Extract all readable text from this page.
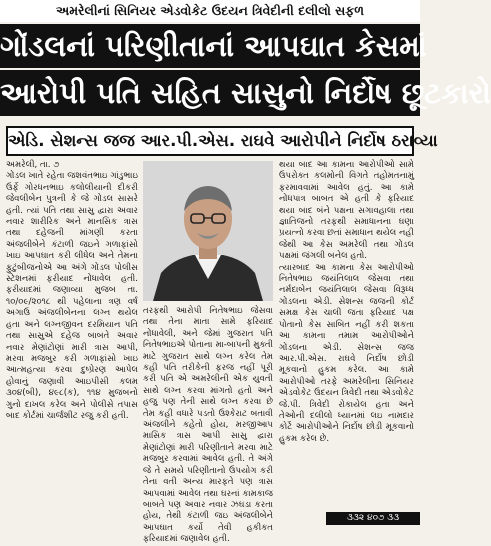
અમરેલીનાં સિનિયર એડવોકેટ ઉદયન ત્રિવેદીની દલીલો સફળ
ગોંડલનાં પરિણીતાનાં આપઘાત કેસમાં
આરોપી પતિ સહિત સાસુનો નિર્દોષ છૂટકારો
એડિ. સેશન્સ જજ આર.પી.એસ. રાઘવે આરોપીને નિર્દોષ ઠરાવ્યા

અમરેલી, તા. ૭
ગોંડલ ખાતે રહેતા જશવંતભાઇ ગાંડુભાઇ ઉર્ફે ગોરધનભાઇ કલોલીયાની દીકરી જેવલીબેન પુત્રની કે જે ગોંડલ સાસરે હતી. ત્યાં પતિ તથા સાસુ દ્વારા અવાર નવાર શારીરિક અને માનસિક ત્રાસ તથા દહેજની માંગણી કરતા અંજલીબેને કંટાળી જઇને ગળાફાંસો ખાઇ આપઘાત કરી લીધેલ અને તેમના ફુટુંબીજનોએ આ અંગે ગોંડલ પોલીસ સ્ટેશનમાં ફરીયાદ નોંધાવેલ હતી. ફરીયાદમાં જણાવ્યા મુજબ તા. ૧૦/૦૯/૨૦૧૮ થી પહેલાના ત્રણ વર્ષ અગાઉ અંજલીબેનના લગ્ન થયેલ હતા અને લગ્નજીવન દરમિયાન પતિ તથા સાસુએ દહેજ બાબતે અવાર નવાર મેણાંટોણાં મારી ત્રાસ આપી, મરવા મજબુર કરી ગળાફાંસો ખાઇ આત્મહત્યા કરવા દુષ્પ્રેરણ આપેલ હોવાનું જણાવી આઇપીસી કલમ ૩૦૪(બી), ૪૯૮(ક), ૧૧૪ મુજબનો ગુનો દાખલ કરેલ અને પોલીસે તપાસ બાદ કોર્ટમાં ચાર્જશીટ રજુ કરી હતી.

તરફથી આરોપી નિતેષભાઇ જેસવા તથા તેના માતા સામે ફરિયાદ નોંધાવેલી, અને જેમાં ગુજરાત પતિ નિતેષભાઇએ પોતાના મા-બાપની મુક્તી માટે ગુજરાત સાથે લગ્ન કરેલ તેમ કહી પતિ તરીકેની ફરજ નહીં પૂરી કરી પતિ એ અમરેલીની એક યુવતી સાથે લગ્ન કરવા માંગતો હતો અને હજુ પણ તેની સાથે લગ્ન કરવા છે તેમ કહી વધારે પડતો ઉશ્કેરાટ બતાવી અંજલીને કહેતો હોય, મરજીઆપ માસિક ત્રાસ આપી સાસુ દ્વારા મેણાંટોણાં મારી પરિણીતાને મરવા માટે મજબુર કરવામાં આવેલ હતી. તે અંગે જે તે સમયે પરિણીતાનો ઉપયોગ કરી તેના વતી અન્ય મારફતે પણ ત્રાસ આપવામાં આવેલ તથા ઘરનાં કામકાજ બાબતે પણ અવાર નવાર ઝઘડા કરતા હોય, તેથી કંટાળી જઇ અંજલીબેને આપઘાત કર્યો તેવી હકીકત ફરિયાદમાં જણાવેલ હતી.

થયા બાદ આ કામના આરોપીઓ સામે ઉપરોક્ત કલમોની વિગતે તહોમતનામું ફરમાવવામાં આવેલ હતું. આ કામે નોંધપાત્ર બાબત એ હતી કે ફરિયાદ થયા બાદ બંને પક્ષના સગાવહાલા તથા જ્ઞાતિજનો તરફથી સમાધાનના ઘણા પ્રયત્નો કરવા છતાં સમાધાન થયેલ નહી જેથી આ કેસ અમરેલી તથા ગોંડલ પક્ષમાં જંગલી બનેલ હતો.
ત્યારબાદ આ કામના કેસ આરોપીઓ નિતેષભાઇ જયંતિલાલ જેસવા તથા નર્મદાબેન જયંતિલાલ જેસવા વિરૂધ્ધ ગોંડલના એડી. સેશન્સ જજની કોર્ટ સમક્ષ કેસ ચાલી જતા ફરિયાદ પક્ષ પોતાનો કેસ સાબિત નહીં કરી શકતા આ કામના તમામ આરોપીઓને ગોંડલના એડી. સેશન્સ જજ આર.પી.એસ. રાઘવે નિર્દોષ છોડી મૂકવાનો હુકમ કરેલ. આ કામે આરોપીઓ તરફે અમરેલીના સિનિયર એડવોકેટ ઉદયન ત્રિવેદી તથા એડવોકેટ જે.પી. ત્રિવેદી રોકાયેલ હતા અને તેઓની દલીલો ધ્યાનમાં લઇ નામદાર કોર્ટે આરોપીઓને નિર્દોષ છોડી મૂકવાનો હુકમ કરેલ છે.

૩૩૨ ૪૦૭ ૩૩
